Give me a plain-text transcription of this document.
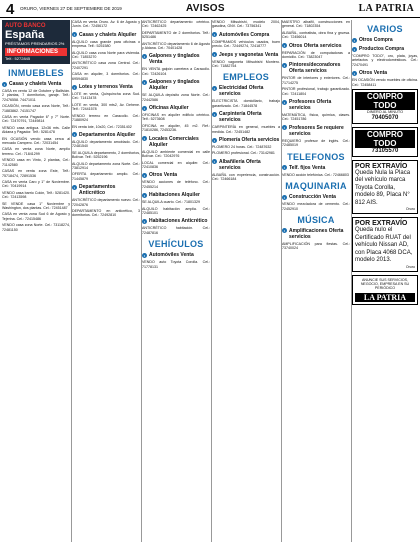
4 ORURO, VIERNES 27 DE SEPTIEMBRE DE 2019	AVISOS	LA PATRIA
AUTO BANCO
España
PRÉSTAMOS PRENDARIOS 2%
INFORMACIONES
Telf.: 5272845
INMUEBLES
• Casas y chalets Venta
CASA en venta 12 de Octubre y Ballivián. 2 plantas, 7 dormitorios, garaje. Telf.: 72476558. 74471011
OCASIÓN, vendo casa zona Norte, Telf.: 71883862. 74151747
CASA en venta Pagador 6° y 7° Norte. Cel.: 72470791, 72449814
VENDO casa antigua. 12x36 mts. Calle Aldana y Pagador. Telf.: 5281478
EN OCASIÓN vendo casa cerca al mercado Campero. Cel.: 72031454
CASA en venta zona Norte, amplio terreno. Cel.: 71841299
VENDO casa en Vinto, 2 plantas, Cel.: 71142580
CASAS en venta zona Este, Telf.: 75718474, 72891536
CASA en venta Caro y 1° de Noviembre. Cel.: 70419914
VENDO casa barrio Colón, Telf.: 5281420. Cel.: 72413598
SE VENDE casa 1° Noviembre y Washington, dos plantas. Cel.: 72451487
CASA en venta zona Sud 6 de Agosto y Tejerina. Cel.: 72415486
VENDO casa zona Norte. Cel.: 73118274, 72481150
CASA en venta Oruro. Av. 6 de Agosto y Junín. Cel.: 72456172
• Casas y chalets Alquiler
ALQUILO casa grande para oficinas o empresa. Telf.: 5251580
ALQUILO casa zona Norte para vivienda. Cel.: 71853270
ANTICRÉTICO casa zona Central. Cel.: 72407291
CASA en alquiler, 3 dormitorios. Cel.: 69594830
• Lotes y terrenos Venta
LOTE en venta, Quirquincha zona Sud. Cel.: 71413478
LOTE en venta, 300 mts2, Av. Dehene. Telf.: 72441578
VENDO terreno en Caracollo. Cel.: 71880924
EN venta lote, 10x20, Cel.: 72351402
• Departamentos Alquiler
ALQUILO departamento amoblado. Cel.: 72481540
SE ALQUILA departamento, 2 dormitorios, Bolívar. Telf.: 5252196
ALQUILO departamento zona Norte. Cel.: 73812914
OFERTA departamento amplio. Cel.: 71445879
• Departamentos Anticrético
ANTICRÉTICO departamento nuevo. Cel.: 72042876
DEPARTAMENTO en anticrético, 3 dormitorios. Cel.: 72492810
ANTICRÉTICO departamento céntrico. Cel.: 72462425
DEPARTAMENTO de 2 dormitorios. Telf.: 5251486
ANTICRÉTICO departamento 6 de Agosto y Aldana. Cel.: 70401428
• Galpones y tinglados Venta
EN VENTA galpón carretera a Caracollo. Cel.: 72426104
• Galpones y tinglados Alquiler
SE ALQUILA depósito zona Norte. Cel.: 72442586
• Oficinas Alquiler
OFICINAS en alquiler edificio céntrico. Telf.: 5273608
OFICINA en alquiler, 45 m2. Ref.: 71810286, 72453236.
• Locales Comerciales Alquiler
ALQUILO ambiente comercial en calle Bolívar. Cel.: 72042976
LOCAL comercial en alquiler. Cel.: 72410836
• Otros Venta
VENDO acciones de teléfono. Cel.: 72455214
• Habitaciones Alquiler
SE ALQUILA cuarto. Cel.: 71801329
ALQUILO habitación amplia. Cel.: 72485101
• Habitaciones Anticrético
ANTICRÉTICO habitación. Cel.: 72487816
VEHÍCULOS
• Automóviles Venta
VENDO auto Toyota Corolla. Cel.: 71778131
VENDO Mitsubishi, modelo 2004, gasolina, GNV. Cel.: 73756341
• Automóviles Compra
COMPRAMOS vehículos usados, buen precio. Cel.: 72449274, 72418777
• Jeeps y vagonetas Venta
VENDO vagoneta Mitsubishi Montero. Cel.: 71882754
EMPLEOS
• Electricidad Oferta servicios
ELECTRICISTA domiciliario, trabajo garantizado. Cel.: 71844578
• Carpintería Oferta servicios
CARPINTERÍA en general, muebles a medida. Cel.: 72451482
• Plomería Oferta servicios
PLOMERO 24 horas. Cel.: 72487632
PLOMERO profesional. Cel.: 73142981
• Albañilería Oferta servicios
ALBAÑIL con experiencia, construcción. Cel.: 72466184
MAESTRO albañil, construcciones en general. Cel.: 71802354
ALBAÑIL, contratista, obra fina y gruesa. Cel.: 72456014
• Otros Oferta servicios
REPARACIÓN de computadoras a domicilio. Cel.: 73823047
• Pintores/decoradores Oferta servicios
PINTOR de interiores y exteriores. Cel.: 71714275
PINTOR profesional, trabajo garantizado. Cel.: 72411804
• Profesores Oferta servicios
MATEMÁTICA, física, química, clases. Cel.: 72451786
• Profesores Se requiere servicios
REQUIERO profesor de inglés. Cel.: 72485019
TELEFONOS
• Telf. fijos Venta
VENDO acción telefónica. Cel.: 72466803
MAQUINARIA
• Construcción Venta
VENDO mezcladora de cemento. Cel.: 72452910
MÚSICA
• Amplificaciones Oferta servicios
AMPLIFICACIÓN para fiestas. Cel.: 73740024
VARIOS
• Otros Compra
• Productos Compra
"COMPRO TODO", oro, plata, joyas, artefactos y electrodomésticos. Cel.: 72470491
• Otros Venta
EN OCASIÓN vendo muebles de oficina. Cel.: 72458411
COMPRO TODO
DINERO AL MINUTO
70405070
COMPRO TODO
73105570
POR EXTRAVÍO
Queda Nula la Placa del vehículo marca Toyota Corolla, modelo 89, Placa N° 812 AIS.
Oruro
POR EXTRAVÍO
Queda nulo el Certificado RUAT del vehículo Nissan AD, con Placa 4068 DCA, modelo 2013.
Oruro
ANUNCIE SUS SERVICIOS, NEGOCIO, EMPRESA EN SU PERIÓDICO
LA PATRIA
